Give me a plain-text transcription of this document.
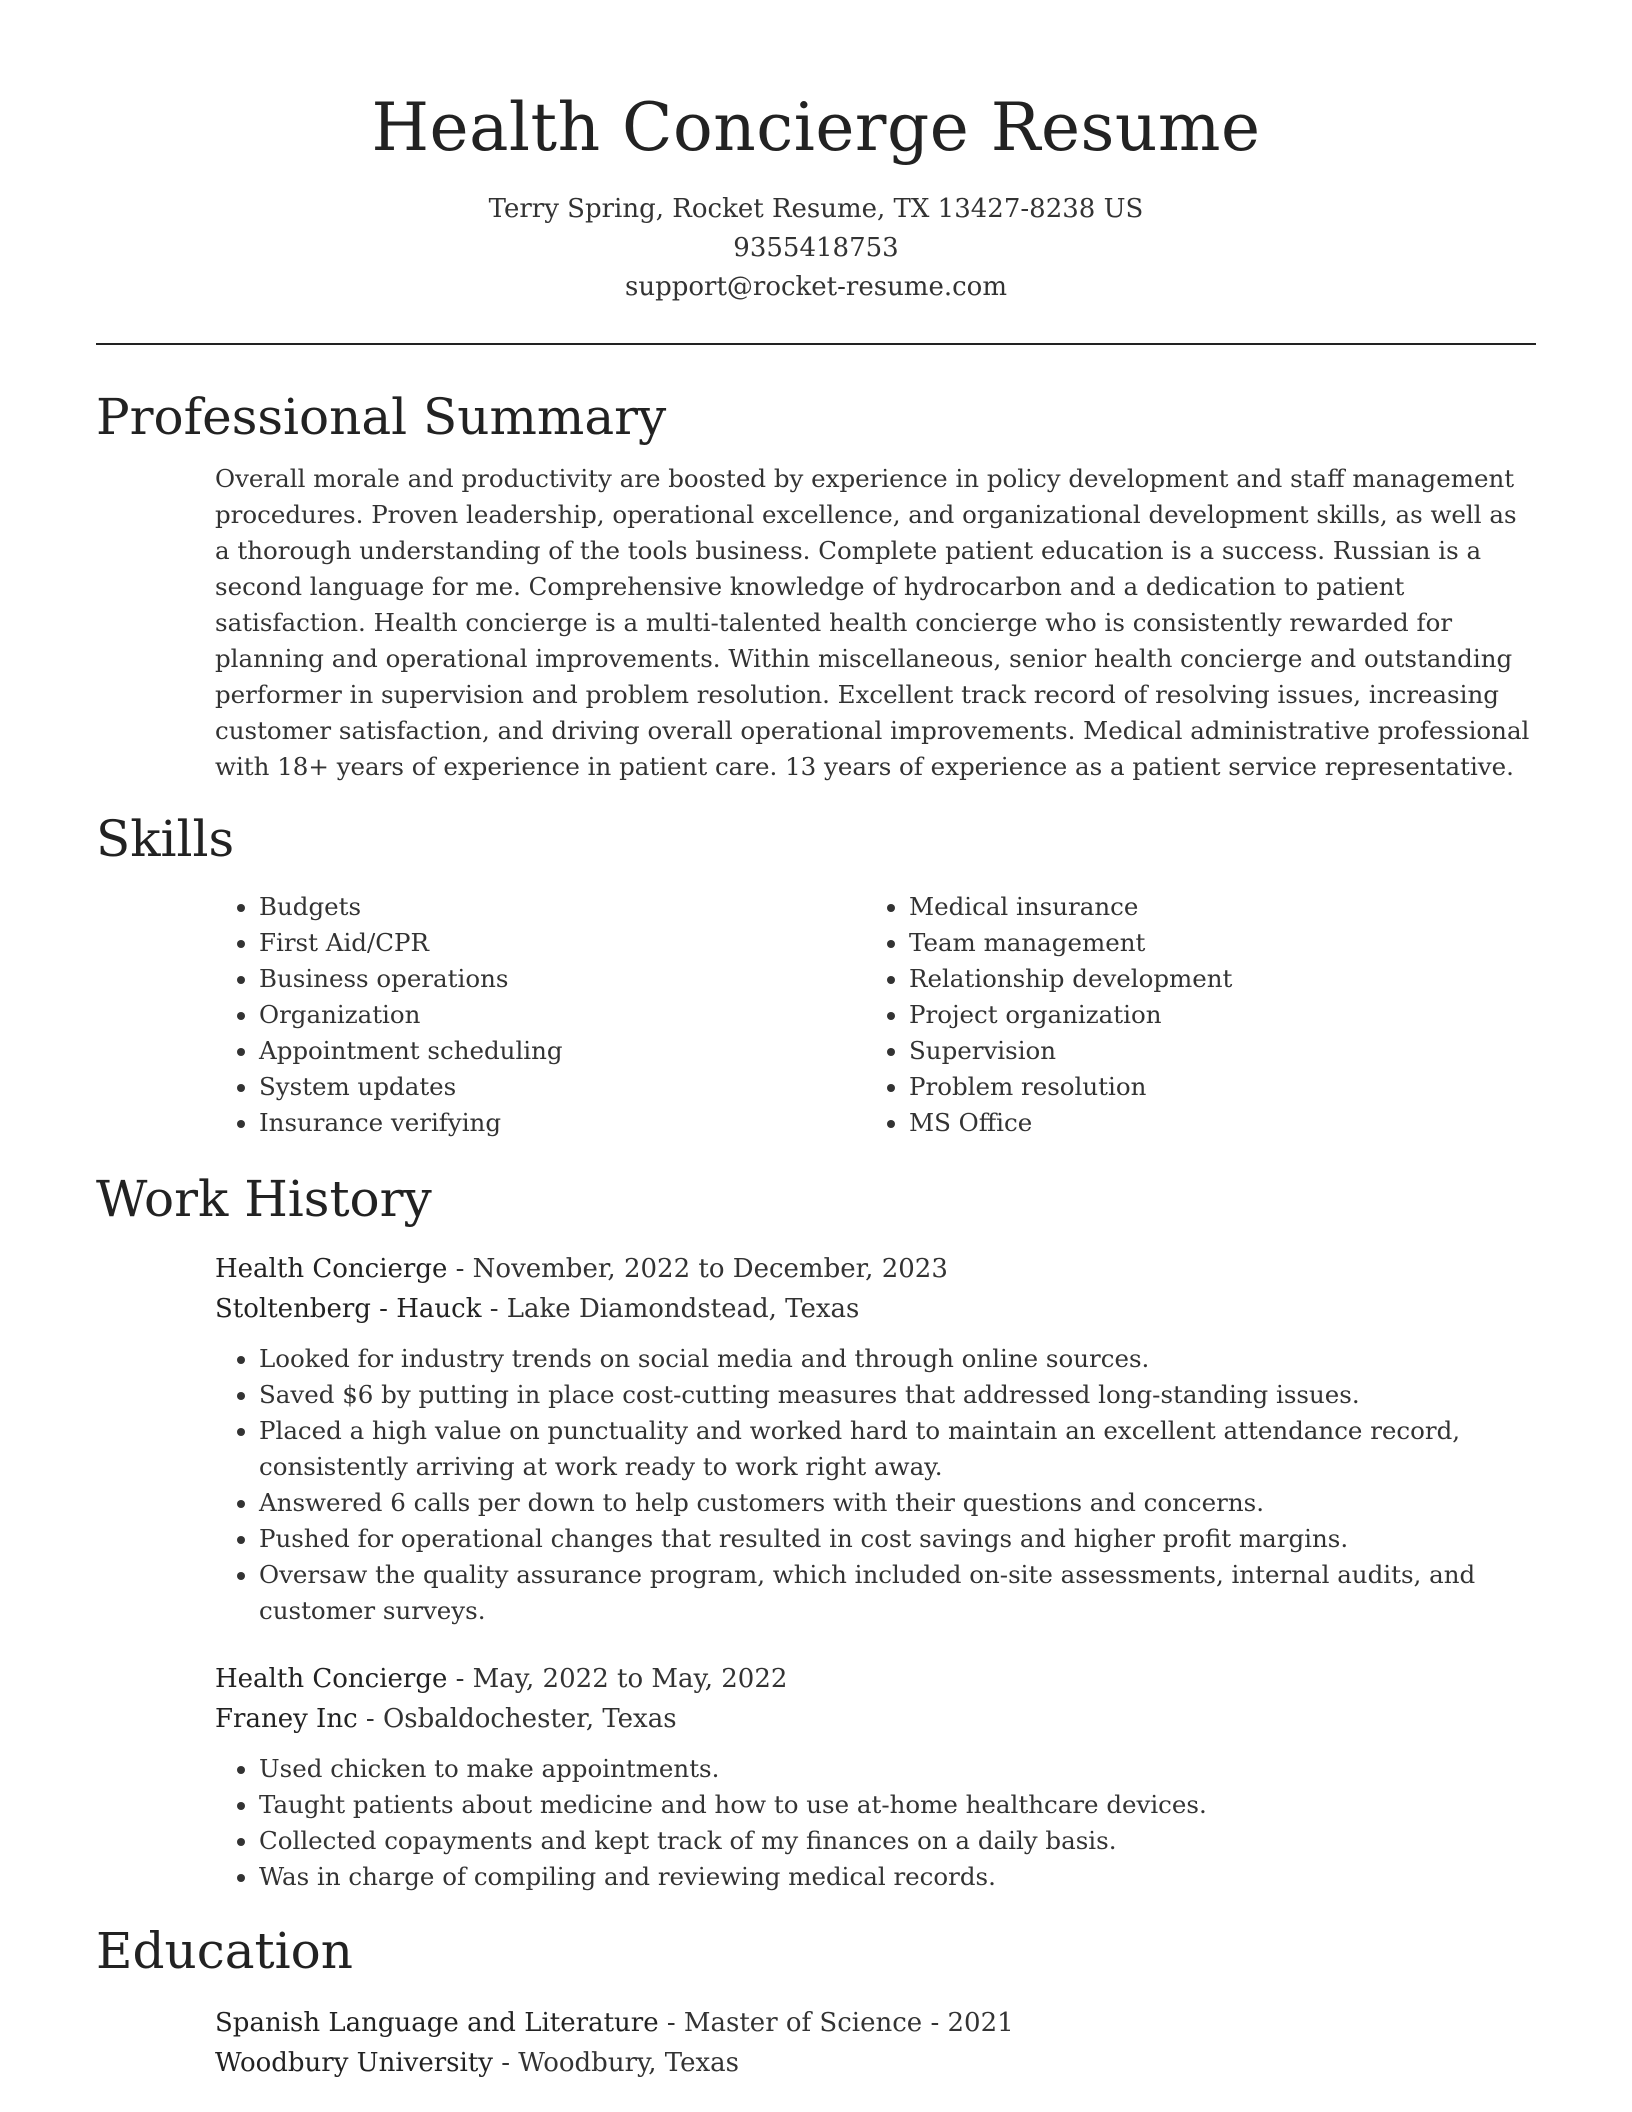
Health Concierge Resume
Terry Spring, Rocket Resume, TX 13427-8238 US
9355418753
support@rocket-resume.com
Professional Summary

Overall morale and productivity are boosted by experience in policy development and staff management procedures. Proven leadership, operational excellence, and organizational development skills, as well as a thorough understanding of the tools business. Complete patient education is a success. Russian is a second language for me. Comprehensive knowledge of hydrocarbon and a dedication to patient satisfaction. Health concierge is a multi-talented health concierge who is consistently rewarded for planning and operational improvements. Within miscellaneous, senior health concierge and outstanding performer in supervision and problem resolution. Excellent track record of resolving issues, increasing customer satisfaction, and driving overall operational improvements. Medical administrative professional with 18+ years of experience in patient care. 13 years of experience as a patient service representative.

Skills
• Budgets
• First Aid/CPR
• Business operations
• Organization
• Appointment scheduling
• System updates
• Insurance verifying
• Medical insurance
• Team management
• Relationship development
• Project organization
• Supervision
• Problem resolution
• MS Office
Work History
Health Concierge - November, 2022 to December, 2023
Stoltenberg - Hauck - Lake Diamondstead, Texas
• Looked for industry trends on social media and through online sources.
• Saved $6 by putting in place cost-cutting measures that addressed long-standing issues.
• Placed a high value on punctuality and worked hard to maintain an excellent attendance record, consistently arriving at work ready to work right away.
• Answered 6 calls per down to help customers with their questions and concerns.
• Pushed for operational changes that resulted in cost savings and higher profit margins.
• Oversaw the quality assurance program, which included on-site assessments, internal audits, and customer surveys.
Health Concierge - May, 2022 to May, 2022
Franey Inc - Osbaldochester, Texas
• Used chicken to make appointments.
• Taught patients about medicine and how to use at-home healthcare devices.
• Collected copayments and kept track of my finances on a daily basis.
• Was in charge of compiling and reviewing medical records.
Education
Spanish Language and Literature - Master of Science - 2021
Woodbury University - Woodbury, Texas
